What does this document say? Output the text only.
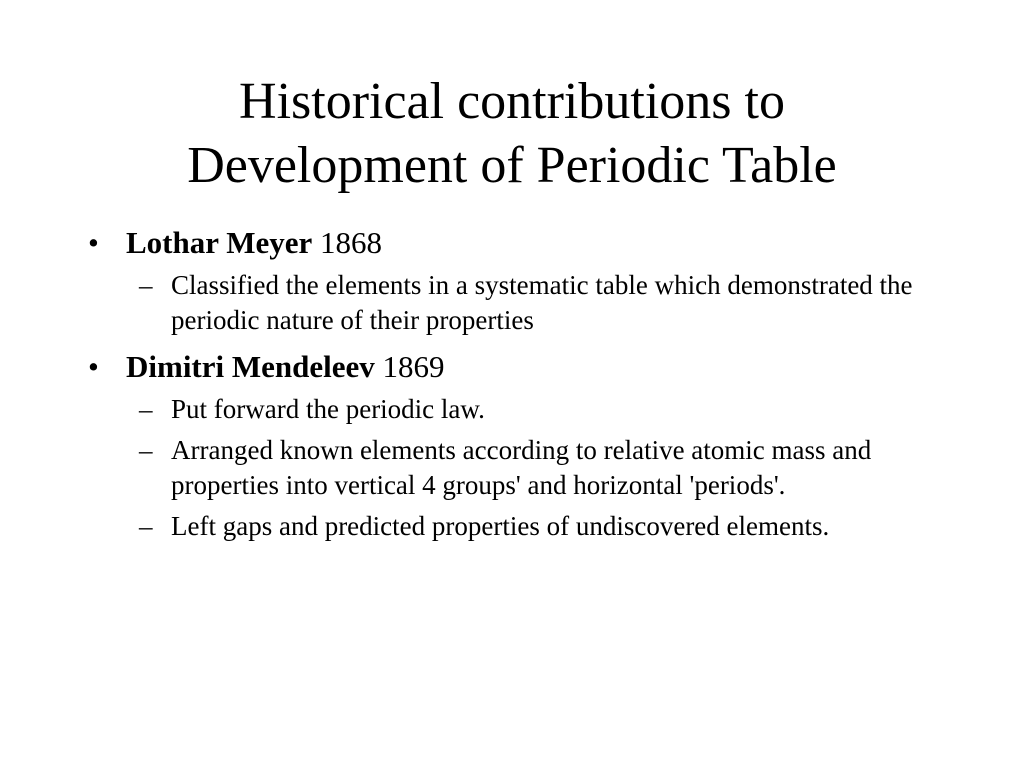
Historical contributions to
Development of Periodic Table
• Lothar Meyer 1868
– Classified the elements in a systematic table which demonstrated the periodic nature of their properties
• Dimitri Mendeleev 1869
– Put forward the periodic law.
– Arranged known elements according to relative atomic mass and properties into vertical 4 groups' and horizontal 'periods'.
– Left gaps and predicted properties of undiscovered elements.
